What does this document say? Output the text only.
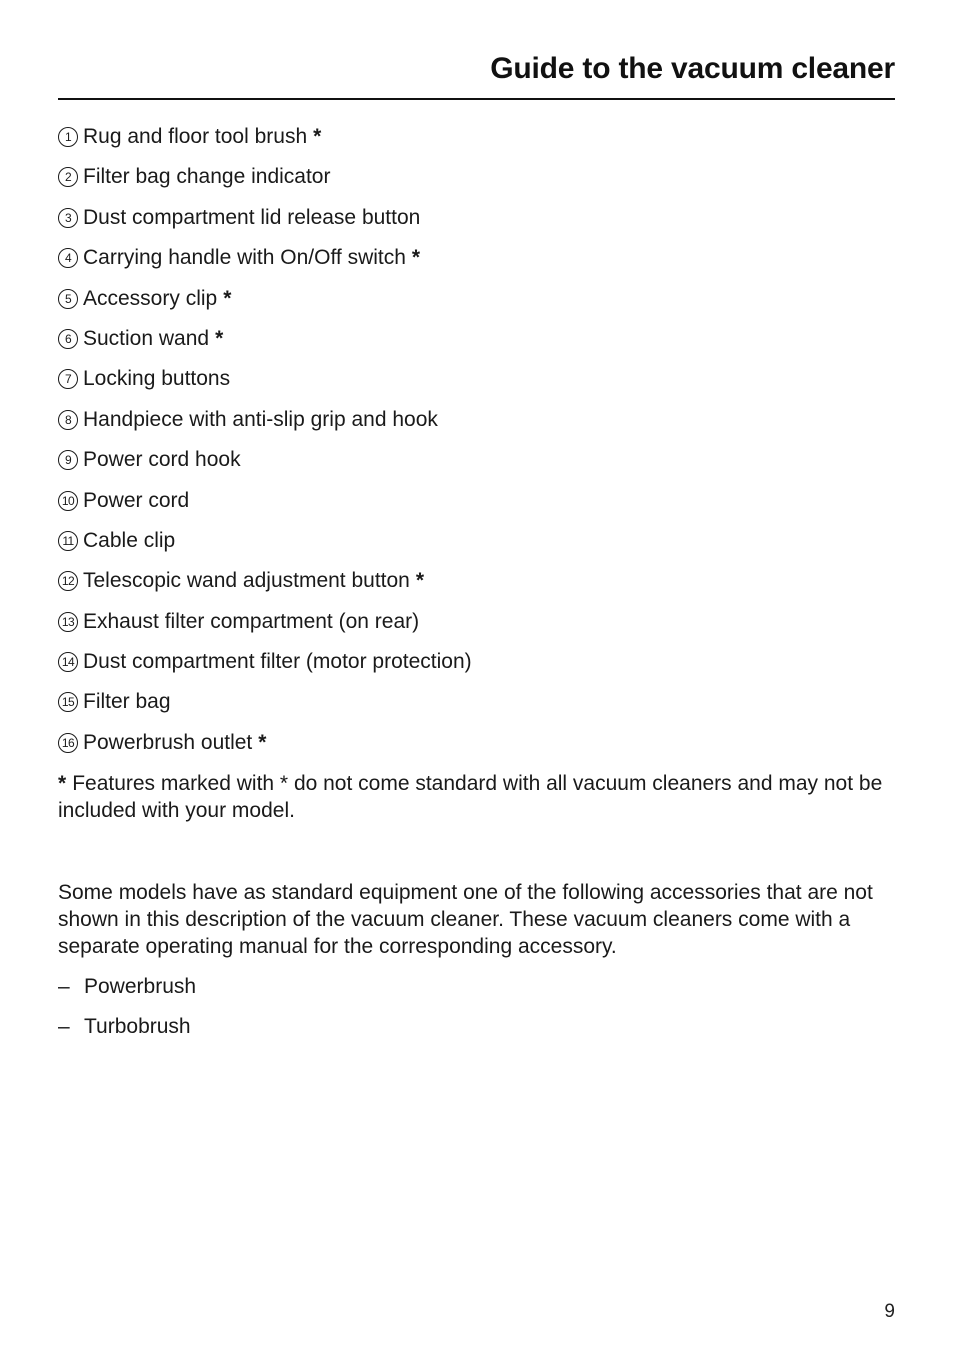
Guide to the vacuum cleaner
1 Rug and floor tool brush *
2 Filter bag change indicator
3 Dust compartment lid release button
4 Carrying handle with On/Off switch *
5 Accessory clip *
6 Suction wand *
7 Locking buttons
8 Handpiece with anti-slip grip and hook
9 Power cord hook
10 Power cord
11 Cable clip
12 Telescopic wand adjustment button *
13 Exhaust filter compartment (on rear)
14 Dust compartment filter (motor protection)
15 Filter bag
16 Powerbrush outlet *

* Features marked with * do not come standard with all vacuum cleaners and may not be included with your model.

Some models have as standard equipment one of the following accessories that are not shown in this description of the vacuum cleaner. These vacuum cleaners come with a separate operating manual for the corresponding accessory.

– Powerbrush
– Turbobrush
9
